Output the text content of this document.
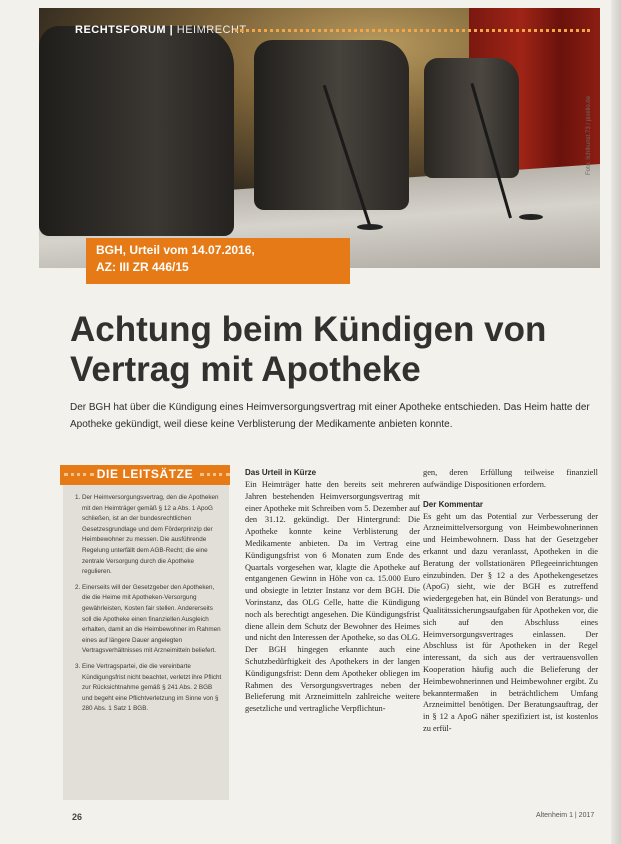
RECHTSFORUM | HEIMRECHT
Foto: lichtkunst.73 / pixelio.de
BGH, Urteil vom 14.07.2016,
AZ: III ZR 446/15
Achtung beim Kündigen von Vertrag mit Apotheke

Der BGH hat über die Kündigung eines Heimversorgungsvertrag mit einer Apotheke entschieden. Das Heim hatte der Apotheke gekündigt, weil diese keine Verblisterung der Medikamente anbieten konnte.

DIE LEITSÄTZE
1. Der Heimversorgungsvertrag, den die Apotheken mit den Heimträger gemäß § 12 a Abs. 1 ApoG schließen, ist an der bundesrechtlichen Gesetzesgrundlage und dem Förderprinzip der Heimbewohner zu messen. Die ausführende Regelung unterfällt dem AGB-Recht; die eine zentrale Versorgung durch die Apotheke regulieren.
2. Einerseits will der Gesetzgeber den Apotheken, die die Heime mit Apotheken-Versorgung gewährleisten, Kosten fair stellen. Andererseits soll die Apotheke einen finanziellen Ausgleich erhalten, damit an die Heimbewohner im Rahmen eines auf längere Dauer angelegten Vertragsverhältnisses mit Arzneimitteln beliefert.
3. Eine Vertragspartei, die die vereinbarte Kündigungsfrist nicht beachtet, verletzt ihre Pflicht zur Rücksichtnahme gemäß § 241 Abs. 2 BGB und begeht eine Pflichtverletzung im Sinne von § 280 Abs. 1 Satz 1 BGB.
Das Urteil in Kürze

Ein Heimträger hatte den bereits seit mehreren Jahren bestehenden Heimversorgungsvertrag mit einer Apotheke mit Schreiben vom 5. Dezember auf den 31.12. gekündigt. Der Hintergrund: Die Apotheke konnte keine Verblisterung der Medikamente anbieten. Da im Vertrag eine Kündigungsfrist von 6 Monaten zum Ende des Quartals vorgesehen war, klagte die Apotheke auf entgangenen Gewinn in Höhe von ca. 15.000 Euro und obsiegte in letzter Instanz vor dem BGH. Die Vorinstanz, das OLG Celle, hatte die Kündigung noch als berechtigt angesehen. Die Kündigungsfrist diene allein dem Schutz der Bewohner des Heimes und nicht den Interessen der Apotheke, so das OLG. Der BGH hingegen erkannte auch eine Schutzbedürftigkeit des Apothekers in der langen Kündigungsfrist: Denn dem Apotheker obliegen im Rahmen des Versorgungsvertrages neben der Belieferung mit Arzneimitteln zahlreiche weitere gesetzliche und vertragliche Verpflichtun-

gen, deren Erfüllung teilweise finanziell aufwändige Dispositionen erfordern.

Der Kommentar

Es geht um das Potential zur Verbesserung der Arzneimittelversorgung von Heimbewohnerinnen und Heimbewohnern. Dass hat der Gesetzgeber erkannt und dazu veranlasst, Apotheken in die Beratung der vollstationären Pflegeeinrichtungen einzubinden. Der § 12 a des Apothekengesetzes (ApoG) sieht, wie der BGH es zutreffend wiedergegeben hat, ein Bündel von Beratungs- und Qualitätssicherungsaufgaben für Apotheken vor, die sich auf den Abschluss eines Heimversorgungsvertrages einlassen. Der Abschluss ist für Apotheken in der Regel interessant, da sich aus der vertrauensvollen Kooperation häufig auch die Belieferung der Heimbewohnerinnen und Heimbewohner ergibt. Zu bekanntermaßen in beträchtlichem Umfang Arzneimittel benötigen. Der Beratungsauftrag, der in § 12 a ApoG näher spezifiziert ist, ist kostenlos zu erfül-

26	Altenheim 1 | 2017
